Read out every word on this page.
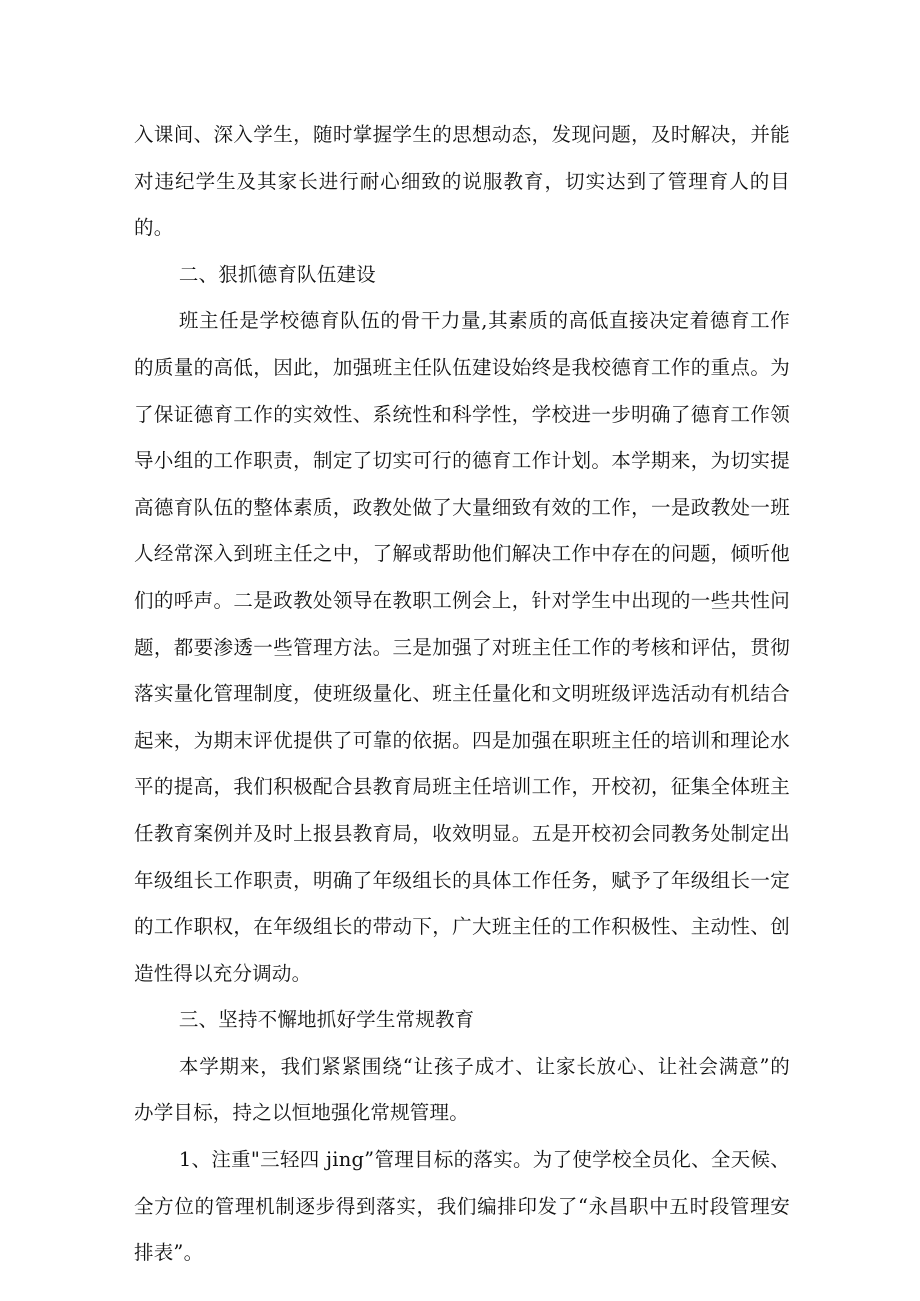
入课间、深入学生，随时掌握学生的思想动态，发现问题，及时解决，并能对违纪学生及其家长进行耐心细致的说服教育，切实达到了管理育人的目的。

二、狠抓德育队伍建设

班主任是学校德育队伍的骨干力量,其素质的高低直接决定着德育工作的质量的高低，因此，加强班主任队伍建设始终是我校德育工作的重点。为了保证德育工作的实效性、系统性和科学性，学校进一步明确了德育工作领导小组的工作职责，制定了切实可行的德育工作计划。本学期来，为切实提高德育队伍的整体素质，政教处做了大量细致有效的工作，一是政教处一班人经常深入到班主任之中，了解或帮助他们解决工作中存在的问题，倾听他们的呼声。二是政教处领导在教职工例会上，针对学生中出现的一些共性问题，都要渗透一些管理方法。三是加强了对班主任工作的考核和评估，贯彻落实量化管理制度，使班级量化、班主任量化和文明班级评选活动有机结合起来，为期末评优提供了可靠的依据。四是加强在职班主任的培训和理论水平的提高，我们积极配合县教育局班主任培训工作，开校初，征集全体班主任教育案例并及时上报县教育局，收效明显。五是开校初会同教务处制定出年级组长工作职责，明确了年级组长的具体工作任务，赋予了年级组长一定的工作职权，在年级组长的带动下，广大班主任的工作积极性、主动性、创造性得以充分调动。

三、坚持不懈地抓好学生常规教育

本学期来，我们紧紧围绕“让孩子成才、让家长放心、让社会满意”的办学目标，持之以恒地强化常规管理。

1、注重"三轻四 jing”管理目标的落实。为了使学校全员化、全天候、全方位的管理机制逐步得到落实，我们编排印发了“永昌职中五时段管理安排表”。
